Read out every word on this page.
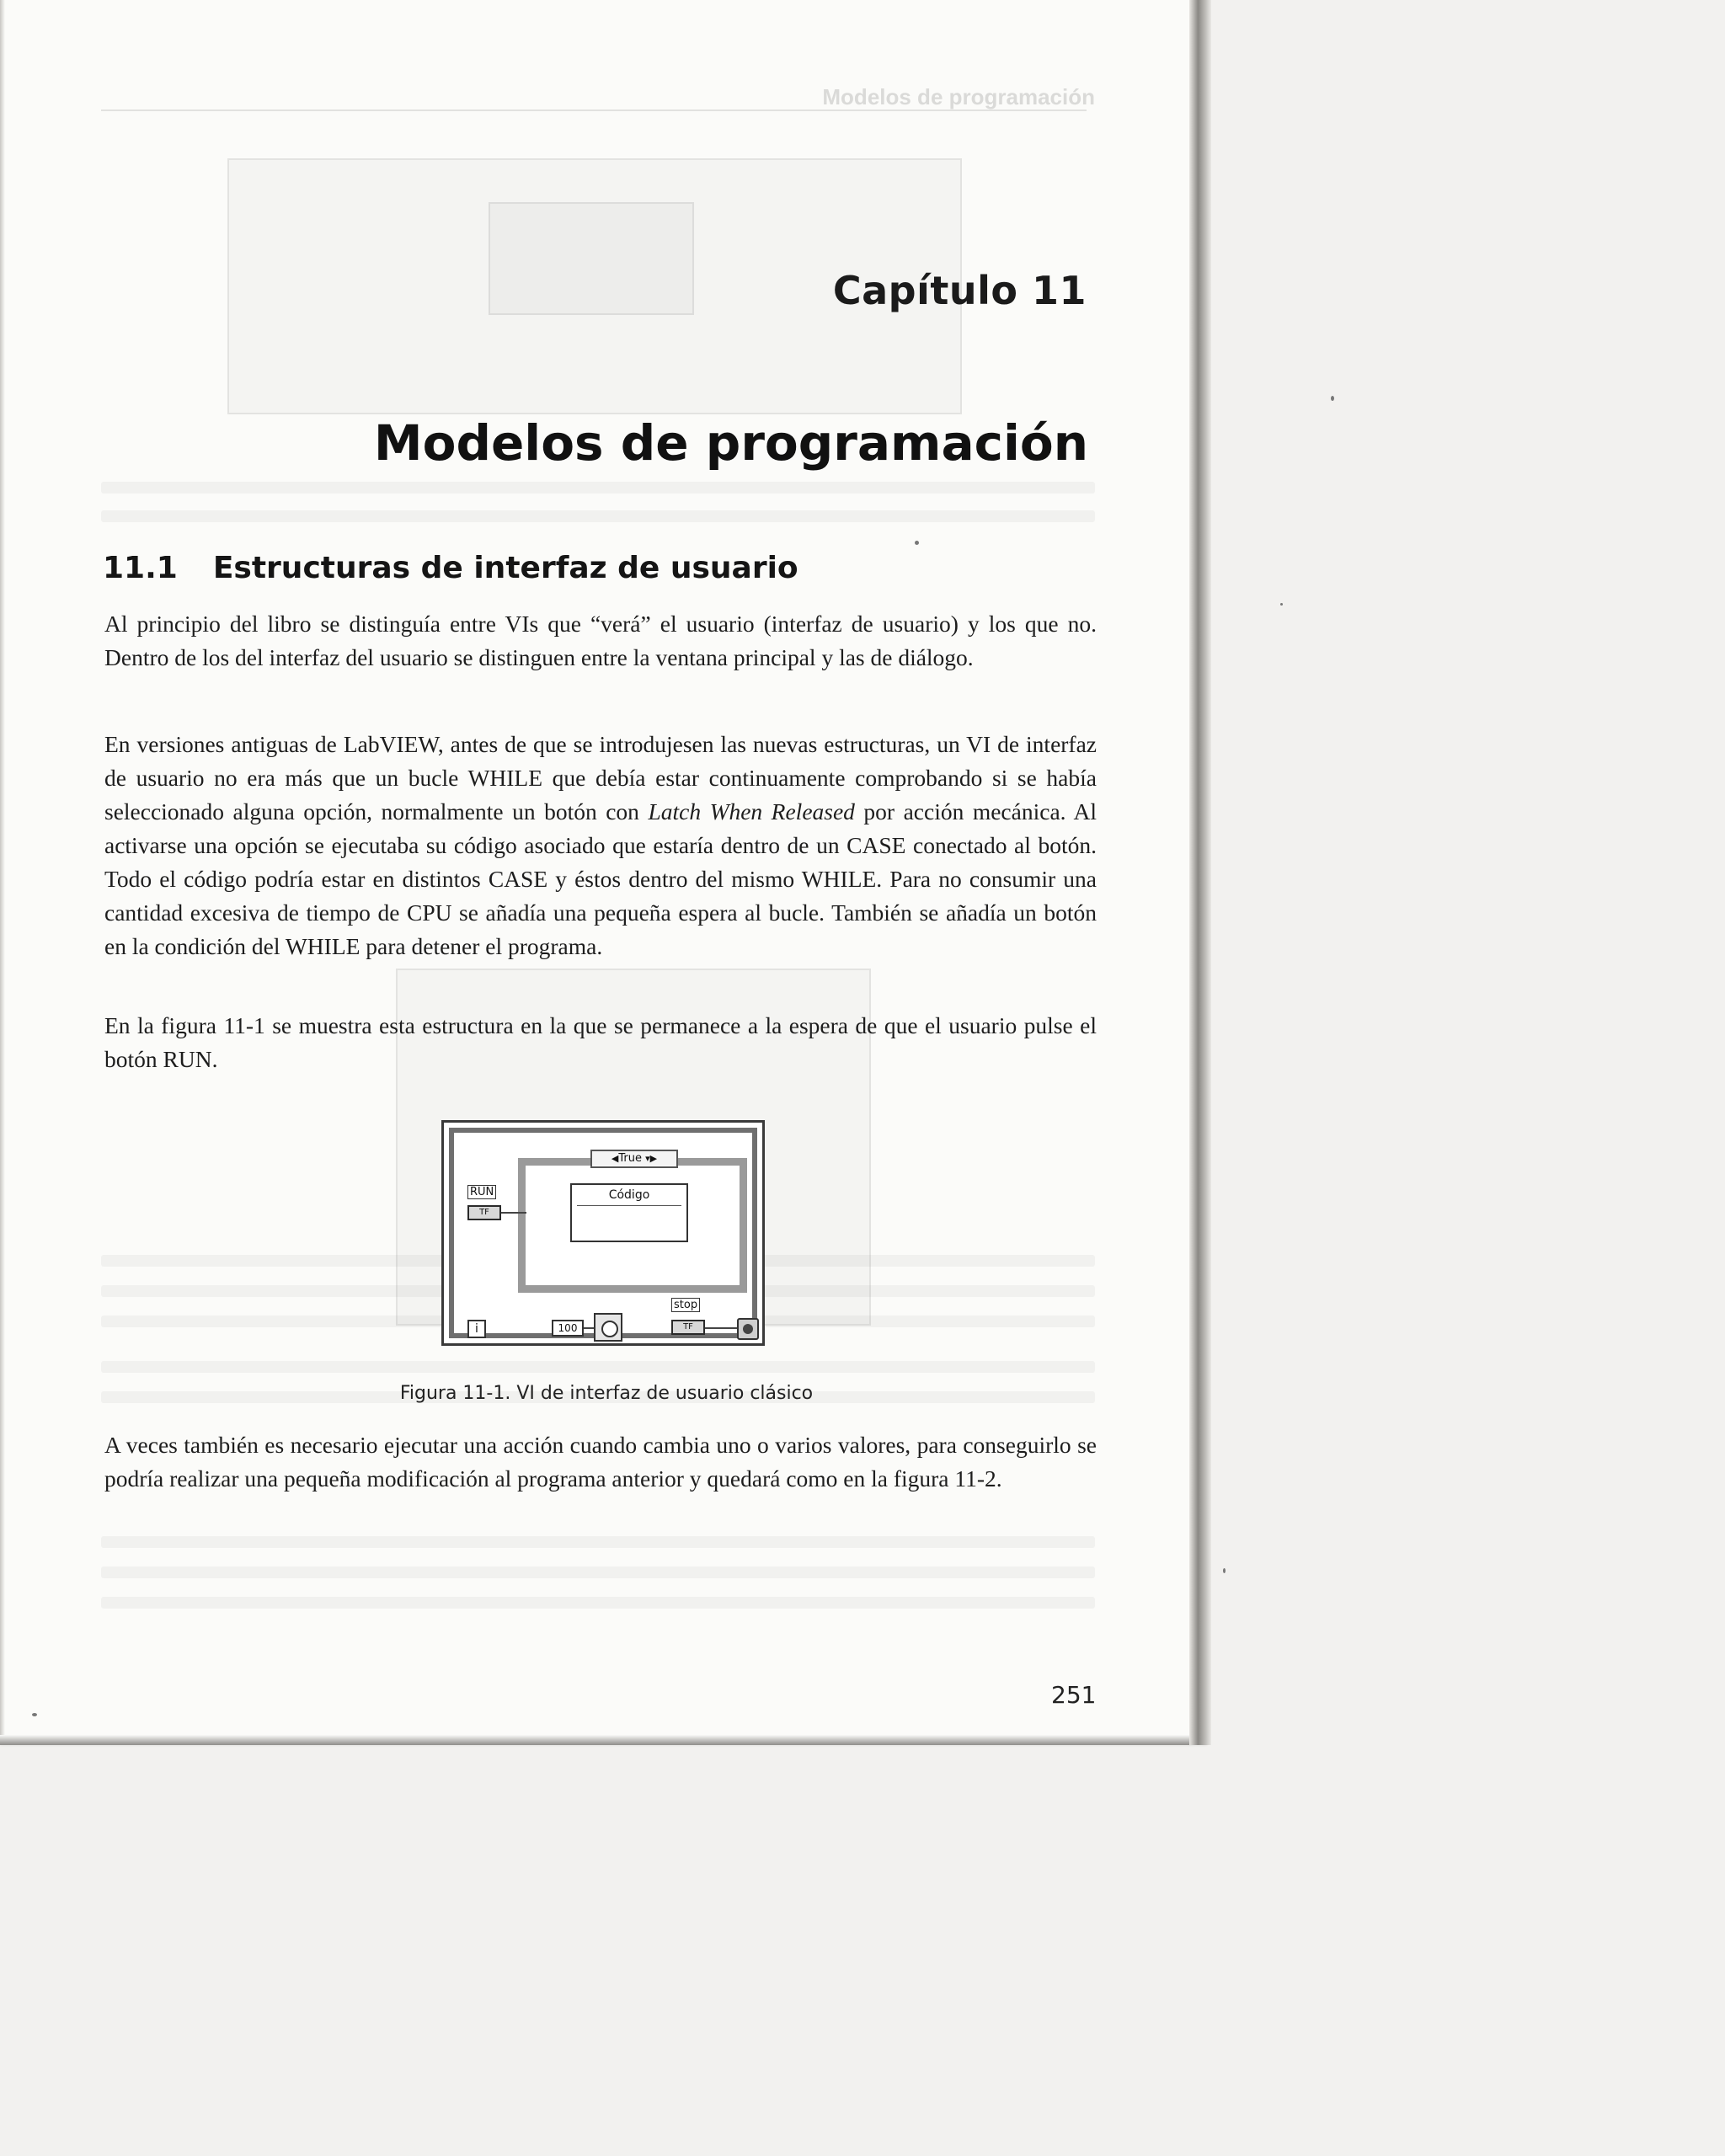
Modelos de programación
Capítulo 11
Modelos de programación
11.1 Estructuras de interfaz de usuario

Al principio del libro se distinguía entre VIs que “verá” el usuario (interfaz de usuario) y los que no. Dentro de los del interfaz del usuario se distinguen entre la ventana principal y las de diálogo.

En versiones antiguas de LabVIEW, antes de que se introdujesen las nuevas estructuras, un VI de interfaz de usuario no era más que un bucle WHILE que debía estar continuamente comprobando si se había seleccionado alguna opción, normalmente un botón con Latch When Released por acción mecánica. Al activarse una opción se ejecutaba su código asociado que estaría dentro de un CASE conectado al botón. Todo el código podría estar en distintos CASE y éstos dentro del mismo WHILE. Para no consumir una cantidad excesiva de tiempo de CPU se añadía una pequeña espera al bucle. También se añadía un botón en la condición del WHILE para detener el programa.

En la figura 11-1 se muestra esta estructura en la que se permanece a la espera de que el usuario pulse el botón RUN.

◀True ▾▶
Código
RUN
TF
i	100
stop
TF
Figura 11-1. VI de interfaz de usuario clásico

A veces también es necesario ejecutar una acción cuando cambia uno o varios valores, para conseguirlo se podría realizar una pequeña modificación al programa anterior y quedará como en la figura 11-2.

251
